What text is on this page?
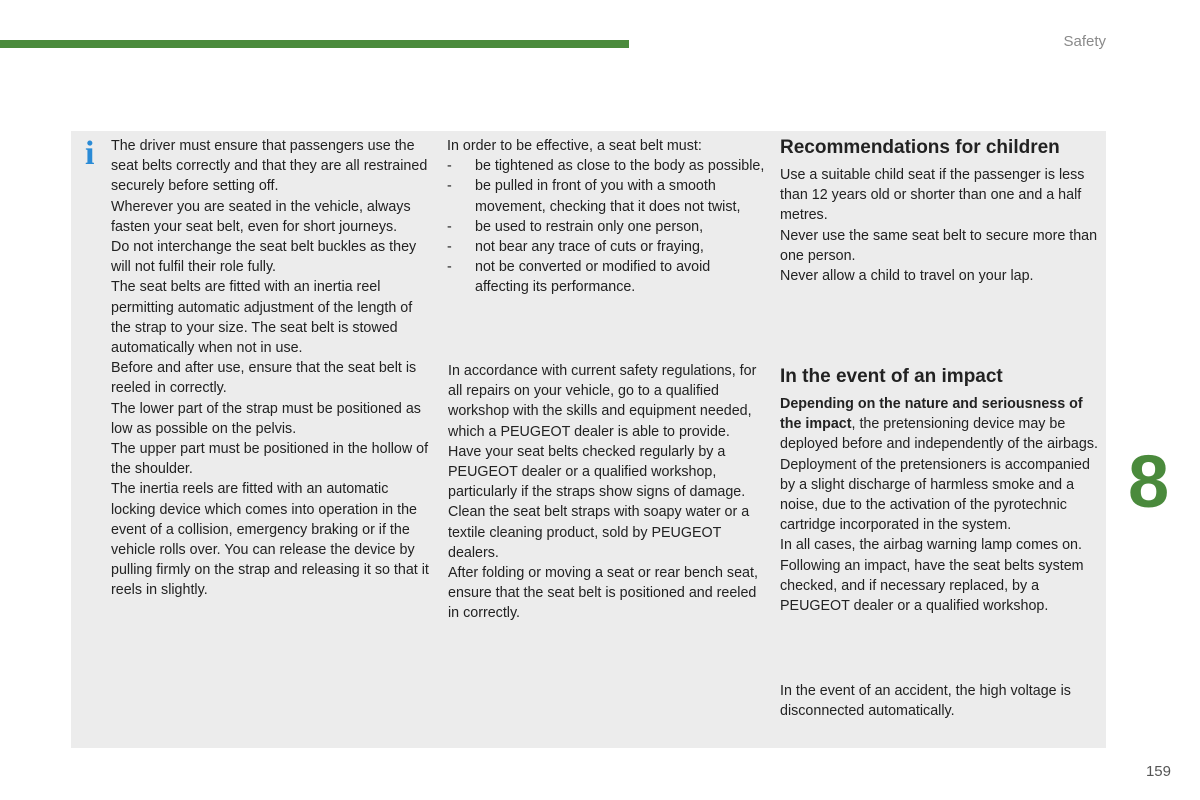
Safety
i	The driver must ensure that passengers use the seat belts correctly and that they are all restrained securely before setting off.

Wherever you are seated in the vehicle, always fasten your seat belt, even for short journeys.

Do not interchange the seat belt buckles as they will not fulfil their role fully.

The seat belts are fitted with an inertia reel permitting automatic adjustment of the length of the strap to your size. The seat belt is stowed automatically when not in use.

Before and after use, ensure that the seat belt is reeled in correctly.

The lower part of the strap must be positioned as low as possible on the pelvis.

The upper part must be positioned in the hollow of the shoulder.

The inertia reels are fitted with an automatic locking device which comes into operation in the event of a collision, emergency braking or if the vehicle rolls over. You can release the device by pulling firmly on the strap and releasing it so that it reels in slightly.

In order to be effective, a seat belt must:

- be tightened as close to the body as possible,
- be pulled in front of you with a smooth movement, checking that it does not twist,
- be used to restrain only one person,
- not bear any trace of cuts or fraying,
- not be converted or modified to avoid affecting its performance.

In accordance with current safety regulations, for all repairs on your vehicle, go to a qualified workshop with the skills and equipment needed, which a PEUGEOT dealer is able to provide.

Have your seat belts checked regularly by a PEUGEOT dealer or a qualified workshop, particularly if the straps show signs of damage.

Clean the seat belt straps with soapy water or a textile cleaning product, sold by PEUGEOT dealers.

After folding or moving a seat or rear bench seat, ensure that the seat belt is positioned and reeled in correctly.

Recommendations for children

Use a suitable child seat if the passenger is less than 12 years old or shorter than one and a half metres.

Never use the same seat belt to secure more than one person.

Never allow a child to travel on your lap.

In the event of an impact

Depending on the nature and seriousness of the impact, the pretensioning device may be deployed before and independently of the airbags. Deployment of the pretensioners is accompanied by a slight discharge of harmless smoke and a noise, due to the activation of the pyrotechnic cartridge incorporated in the system.

In all cases, the airbag warning lamp comes on.

Following an impact, have the seat belts system checked, and if necessary replaced, by a PEUGEOT dealer or a qualified workshop.

In the event of an accident, the high voltage is disconnected automatically.
8
159
